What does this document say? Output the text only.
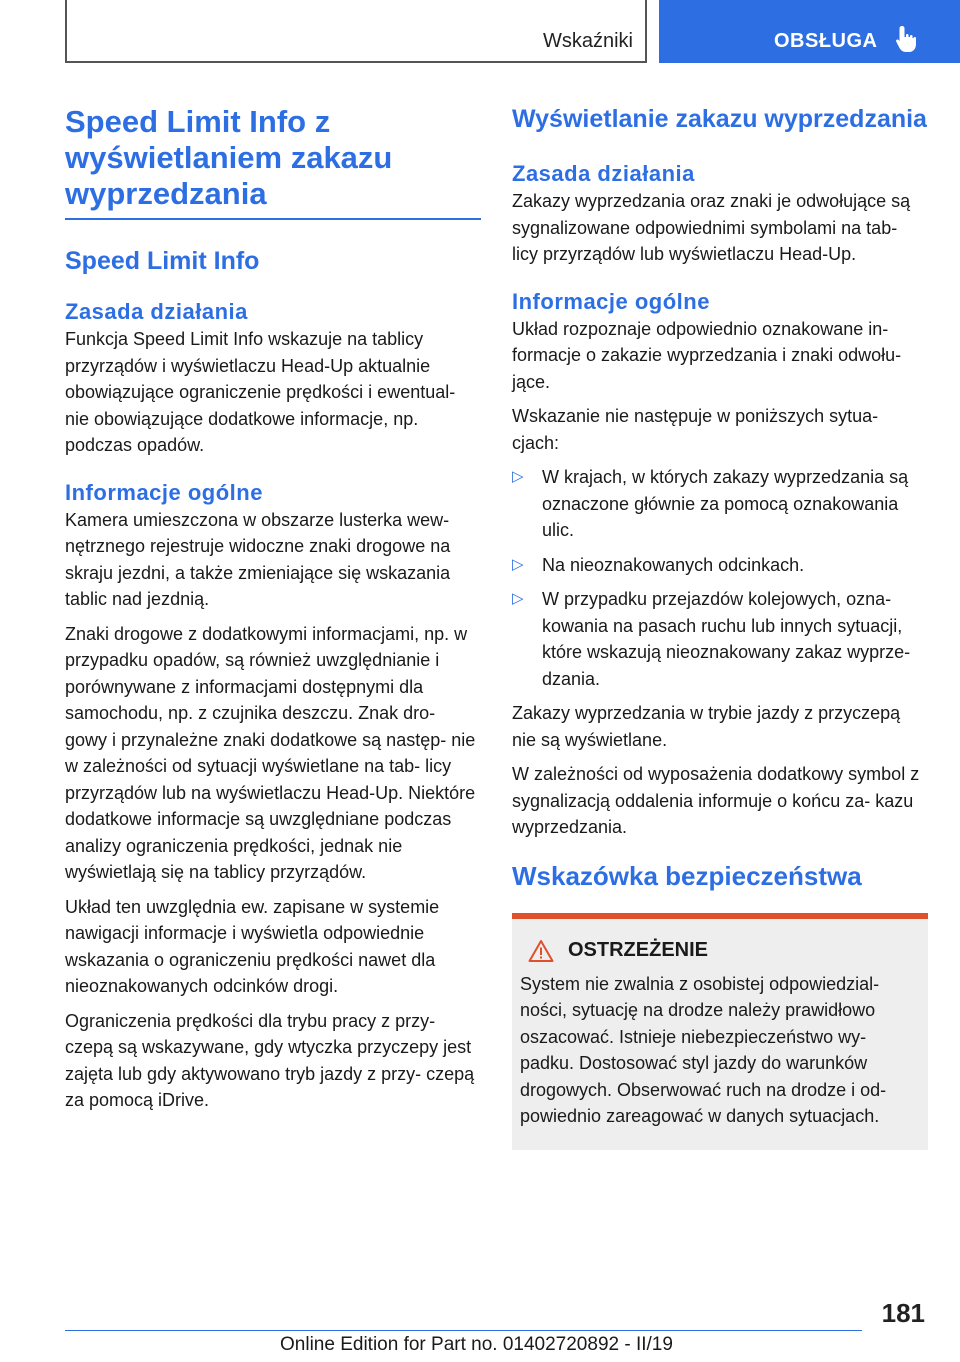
Wskaźniki	OBSŁUGA
Speed Limit Info z wyświetlaniem zakazu wyprzedzania
Speed Limit Info
Zasada działania

Funkcja Speed Limit Info wskazuje na tablicy przyrządów i wyświetlaczu Head-Up aktualnie obowiązujące ograniczenie prędkości i ewentual- nie obowiązujące dodatkowe informacje, np. podczas opadów.

Informacje ogólne

Kamera umieszczona w obszarze lusterka wew- nętrznego rejestruje widoczne znaki drogowe na skraju jezdni, a także zmieniające się wskazania tablic nad jezdnią.

Znaki drogowe z dodatkowymi informacjami, np. w przypadku opadów, są również uwzględnianie i porównywane z informacjami dostępnymi dla samochodu, np. z czujnika deszczu. Znak dro- gowy i przynależne znaki dodatkowe są następ- nie w zależności od sytuacji wyświetlane na tab- licy przyrządów lub na wyświetlaczu Head-Up. Niektóre dodatkowe informacje są uwzględniane podczas analizy ograniczenia prędkości, jednak nie wyświetlają się na tablicy przyrządów.

Układ ten uwzględnia ew. zapisane w systemie nawigacji informacje i wyświetla odpowiednie wskazania o ograniczeniu prędkości nawet dla nieoznakowanych odcinków drogi.

Ograniczenia prędkości dla trybu pracy z przy- czepą są wskazywane, gdy wtyczka przyczepy jest zajęta lub gdy aktywowano tryb jazdy z przy- czepą za pomocą iDrive.

Wyświetlanie zakazu wyprzedzania
Zasada działania

Zakazy wyprzedzania oraz znaki je odwołujące są sygnalizowane odpowiednimi symbolami na tab- licy przyrządów lub wyświetlaczu Head-Up.

Informacje ogólne

Układ rozpoznaje odpowiednio oznakowane in- formacje o zakazie wyprzedzania i znaki odwołu- jące.

Wskazanie nie następuje w poniższych sytua- cjach:

▷ W krajach, w których zakazy wyprzedzania są oznaczone głównie za pomocą oznakowania ulic.
▷ Na nieoznakowanych odcinkach.
▷ W przypadku przejazdów kolejowych, ozna- kowania na pasach ruchu lub innych sytuacji, które wskazują nieoznakowany zakaz wyprze- dzania.

Zakazy wyprzedzania w trybie jazdy z przyczepą nie są wyświetlane.

W zależności od wyposażenia dodatkowy symbol z sygnalizacją oddalenia informuje o końcu za- kazu wyprzedzania.

Wskazówka bezpieczeństwa
OSTRZEŻENIE

System nie zwalnia z osobistej odpowiedzial- ności, sytuację na drodze należy prawidłowo oszacować. Istnieje niebezpieczeństwo wy- padku. Dostosować styl jazdy do warunków drogowych. Obserwować ruch na drodze i od- powiednio zareagować w danych sytuacjach.

181
Online Edition for Part no. 01402720892 - II/19
